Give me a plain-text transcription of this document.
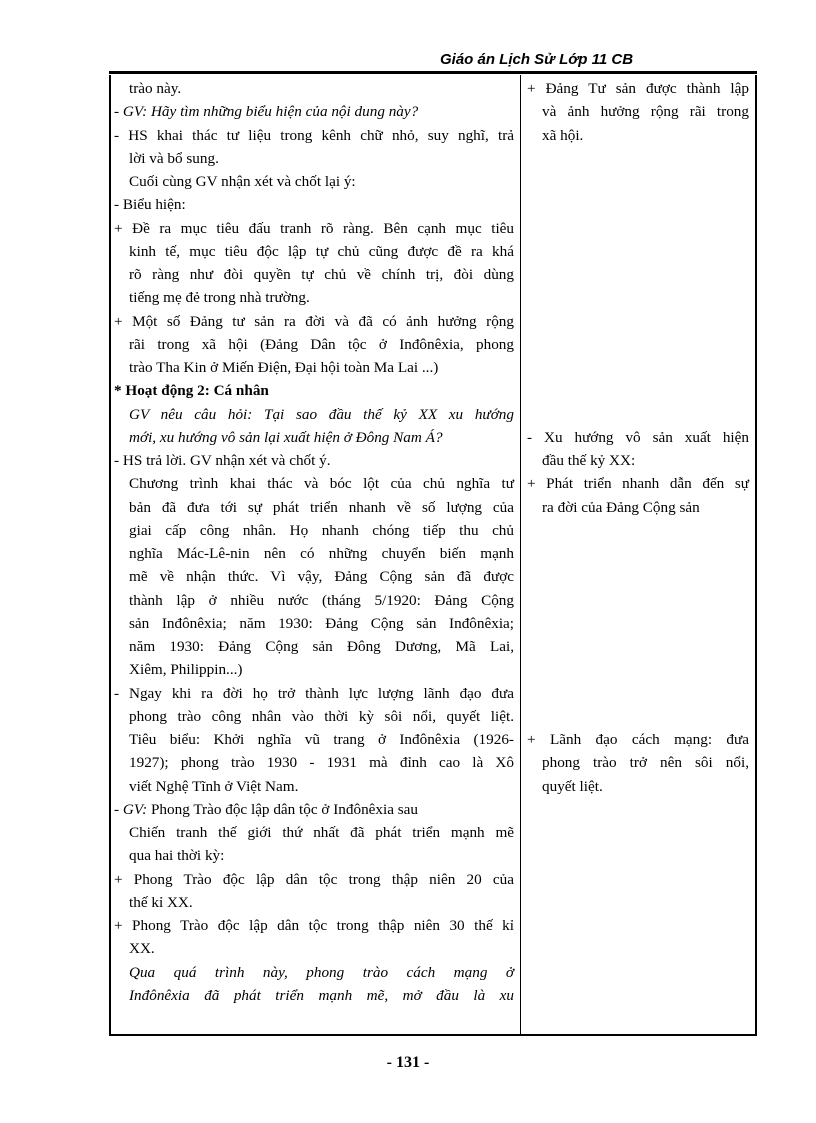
Giáo án Lịch Sử Lớp 11 CB
trào này.
- GV: Hãy tìm những biểu hiện của nội dung này?
- HS khai thác tư liệu trong kênh chữ nhỏ, suy nghĩ, trả
lời và bổ sung.
Cuối cùng GV nhận xét và chốt lại ý:
- Biểu hiện:
+ Đề ra mục tiêu đấu tranh rõ ràng. Bên cạnh mục tiêu
kinh tế, mục tiêu độc lập tự chủ cũng được đề ra khá
rõ ràng như đòi quyền tự chủ về chính trị, đòi dùng
tiếng mẹ đẻ trong nhà trường.
+ Một số Đảng tư sản ra đời và đã có ảnh hưởng rộng
rãi trong xã hội (Đảng Dân tộc ở Inđônêxia, phong
trào Tha Kin ở Miến Điện, Đại hội toàn Ma Lai ...)
* Hoạt động 2: Cá nhân
GV nêu câu hỏi: Tại sao đầu thế kỷ XX xu hướng
mới, xu hướng vô sản lại xuất hiện ở Đông Nam Á?
- HS trả lời. GV nhận xét và chốt ý.
Chương trình khai thác và bóc lột của chủ nghĩa tư
bản đã đưa tới sự phát triển nhanh về số lượng của
giai cấp công nhân. Họ nhanh chóng tiếp thu chủ
nghĩa Mác-Lê-nin nên có những chuyển biến mạnh
mẽ về nhận thức. Vì vậy, Đảng Cộng sản đã được
thành lập ở nhiều nước (tháng 5/1920: Đảng Cộng
sản Inđônêxia; năm 1930: Đảng Cộng sản Inđônêxia;
năm 1930: Đảng Cộng sản Đông Dương, Mã Lai,
Xiêm, Philippin...)
- Ngay khi ra đời họ trở thành lực lượng lãnh đạo đưa
phong trào công nhân vào thời kỳ sôi nổi, quyết liệt.
Tiêu biểu: Khởi nghĩa vũ trang ở Inđônêxia (1926-
1927); phong trào 1930 - 1931 mà đỉnh cao là Xô
viết Nghệ Tĩnh ở Việt Nam.
- GV: Phong Trào độc lập dân tộc ở Inđônêxia sau
Chiến tranh thế giới thứ nhất đã phát triển mạnh mẽ
qua hai thời kỳ:
+ Phong Trào độc lập dân tộc trong thập niên 20 của
thế kỉ XX.
+ Phong Trào độc lập dân tộc trong thập niên 30 thế kỉ
XX.
Qua quá trình này, phong trào cách mạng ở
Inđônêxia đã phát triển mạnh mẽ, mở đầu là xu
+ Đảng Tư sản được thành lập
và ảnh hưởng rộng rãi trong
xã hội.
- Xu hướng vô sản xuất hiện
đầu thế kỷ XX:
+ Phát triển nhanh dẫn đến sự
ra đời của Đảng Cộng sản
+ Lãnh đạo cách mạng: đưa
phong trào trở nên sôi nổi,
quyết liệt.
- 131 -
